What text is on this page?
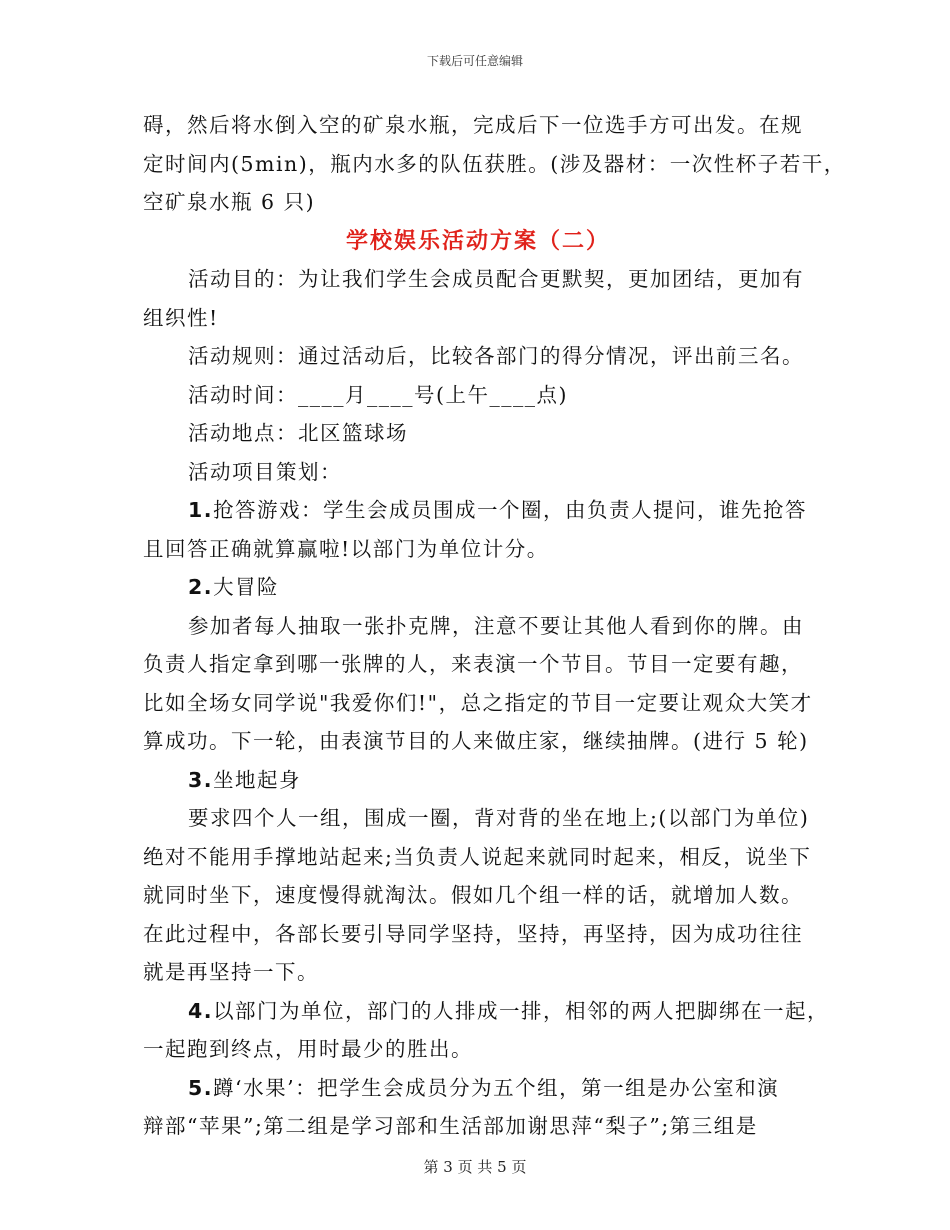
下载后可任意编辑

碍，然后将水倒入空的矿泉水瓶，完成后下一位选手方可出发。在规

定时间内(5min)，瓶内水多的队伍获胜。(涉及器材：一次性杯子若干，

空矿泉水瓶 6 只)

学校娱乐活动方案（二）

活动目的：为让我们学生会成员配合更默契，更加团结，更加有

组织性!

活动规则：通过活动后，比较各部门的得分情况，评出前三名。

活动时间：____月____号(上午____点)

活动地点：北区篮球场

活动项目策划：

1.抢答游戏：学生会成员围成一个圈，由负责人提问，谁先抢答

且回答正确就算赢啦!以部门为单位计分。

2.大冒险

参加者每人抽取一张扑克牌，注意不要让其他人看到你的牌。由

负责人指定拿到哪一张牌的人，来表演一个节目。节目一定要有趣，

比如全场女同学说"我爱你们!"，总之指定的节目一定要让观众大笑才

算成功。下一轮，由表演节目的人来做庄家，继续抽牌。(进行 5 轮)

3.坐地起身

要求四个人一组，围成一圈，背对背的坐在地上;(以部门为单位)

绝对不能用手撑地站起来;当负责人说起来就同时起来，相反，说坐下

就同时坐下，速度慢得就淘汰。假如几个组一样的话，就增加人数。

在此过程中，各部长要引导同学坚持，坚持，再坚持，因为成功往往

就是再坚持一下。

4.以部门为单位，部门的人排成一排，相邻的两人把脚绑在一起，

一起跑到终点，用时最少的胜出。

5.蹲‘水果’：把学生会成员分为五个组，第一组是办公室和演

辩部“苹果”;第二组是学习部和生活部加谢思萍“梨子”;第三组是

第 3 页 共 5 页
